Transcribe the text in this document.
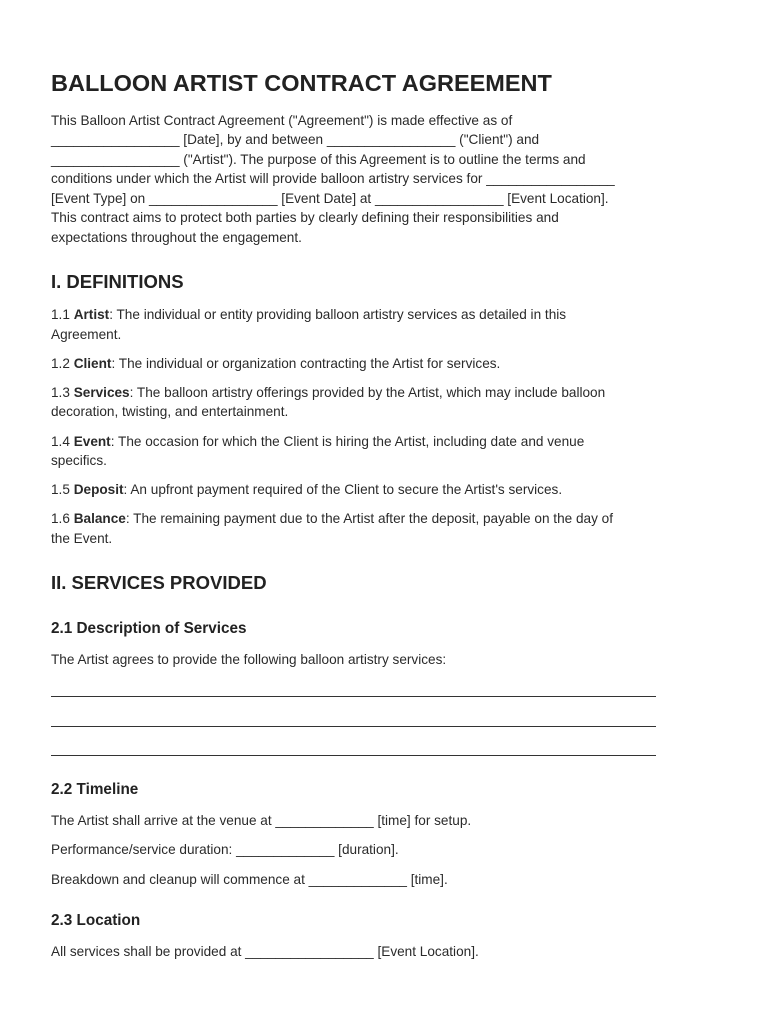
BALLOON ARTIST CONTRACT AGREEMENT

This Balloon Artist Contract Agreement ("Agreement") is made effective as of

_________________ [Date], by and between _________________ ("Client") and

_________________ ("Artist"). The purpose of this Agreement is to outline the terms and

conditions under which the Artist will provide balloon artistry services for _________________

[Event Type] on _________________ [Event Date] at _________________ [Event Location].

This contract aims to protect both parties by clearly defining their responsibilities and

expectations throughout the engagement.

I. DEFINITIONS

1.1 Artist: The individual or entity providing balloon artistry services as detailed in this

Agreement.

1.2 Client: The individual or organization contracting the Artist for services.

1.3 Services: The balloon artistry offerings provided by the Artist, which may include balloon

decoration, twisting, and entertainment.

1.4 Event: The occasion for which the Client is hiring the Artist, including date and venue

specifics.

1.5 Deposit: An upfront payment required of the Client to secure the Artist's services.

1.6 Balance: The remaining payment due to the Artist after the deposit, payable on the day of

the Event.

II. SERVICES PROVIDED
2.1 Description of Services

The Artist agrees to provide the following balloon artistry services:

2.2 Timeline

The Artist shall arrive at the venue at _____________ [time] for setup.

Performance/service duration: _____________ [duration].

Breakdown and cleanup will commence at _____________ [time].

2.3 Location

All services shall be provided at _________________ [Event Location].
